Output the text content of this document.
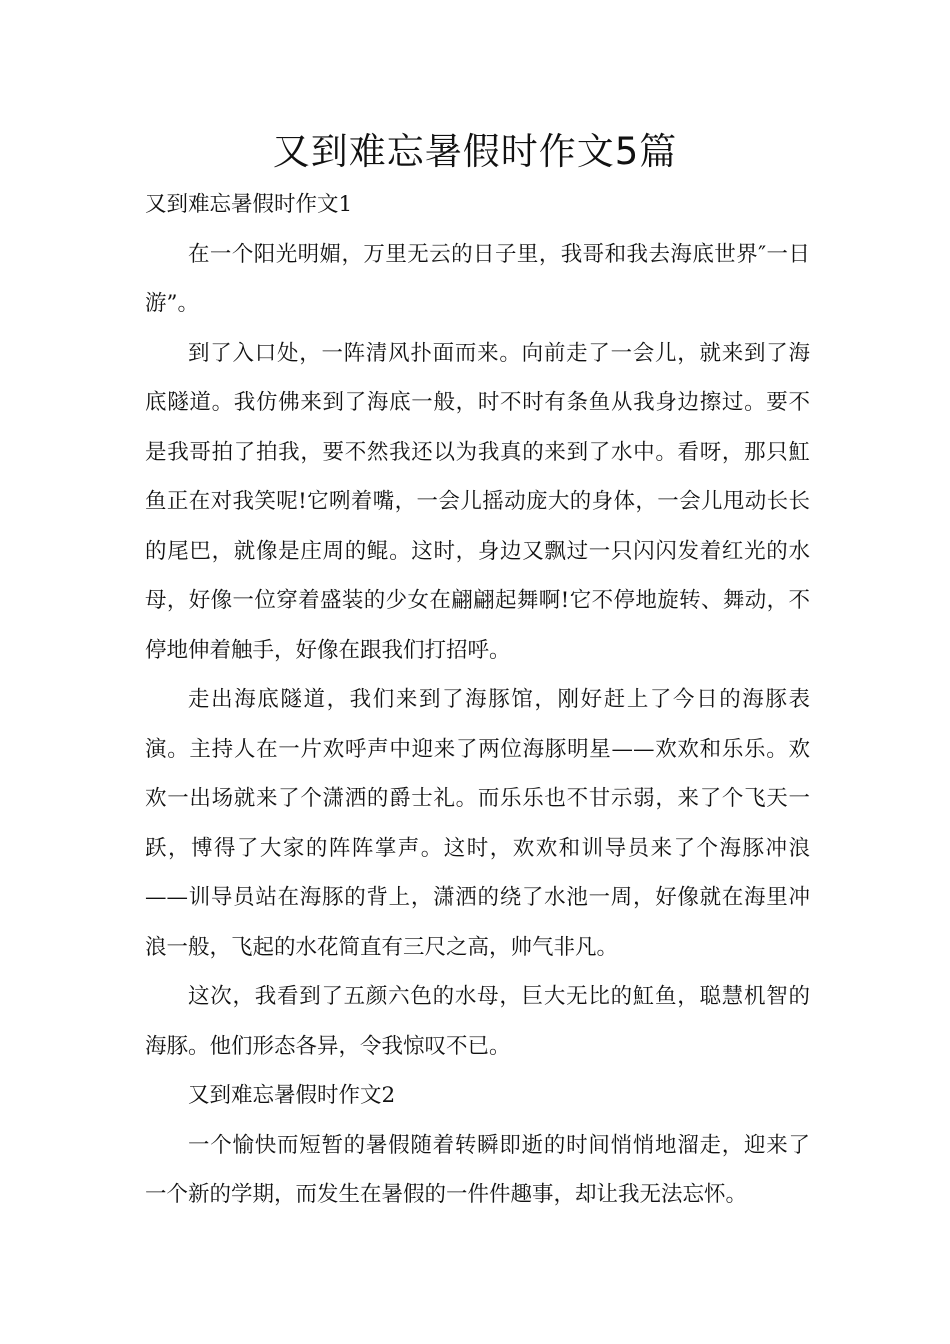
又到难忘暑假时作文5篇

又到难忘暑假时作文1

在一个阳光明媚，万里无云的日子里，我哥和我去海底世界″一日游”。

到了入口处，一阵清风扑面而来。向前走了一会儿，就来到了海底隧道。我仿佛来到了海底一般，时不时有条鱼从我身边擦过。要不是我哥拍了拍我，要不然我还以为我真的来到了水中。看呀，那只魟鱼正在对我笑呢!它咧着嘴，一会儿摇动庞大的身体，一会儿甩动长长的尾巴，就像是庄周的鲲。这时，身边又飘过一只闪闪发着红光的水母，好像一位穿着盛装的少女在翩翩起舞啊!它不停地旋转、舞动，不停地伸着触手，好像在跟我们打招呼。

走出海底隧道，我们来到了海豚馆，刚好赶上了今日的海豚表演。主持人在一片欢呼声中迎来了两位海豚明星——欢欢和乐乐。欢欢一出场就来了个潇洒的爵士礼。而乐乐也不甘示弱，来了个飞天一跃，博得了大家的阵阵掌声。这时，欢欢和训导员来了个海豚冲浪——训导员站在海豚的背上，潇洒的绕了水池一周，好像就在海里冲浪一般，飞起的水花简直有三尺之高，帅气非凡。

这次，我看到了五颜六色的水母，巨大无比的魟鱼，聪慧机智的海豚。他们形态各异，令我惊叹不已。

又到难忘暑假时作文2

一个愉快而短暂的暑假随着转瞬即逝的时间悄悄地溜走，迎来了一个新的学期，而发生在暑假的一件件趣事，却让我无法忘怀。
